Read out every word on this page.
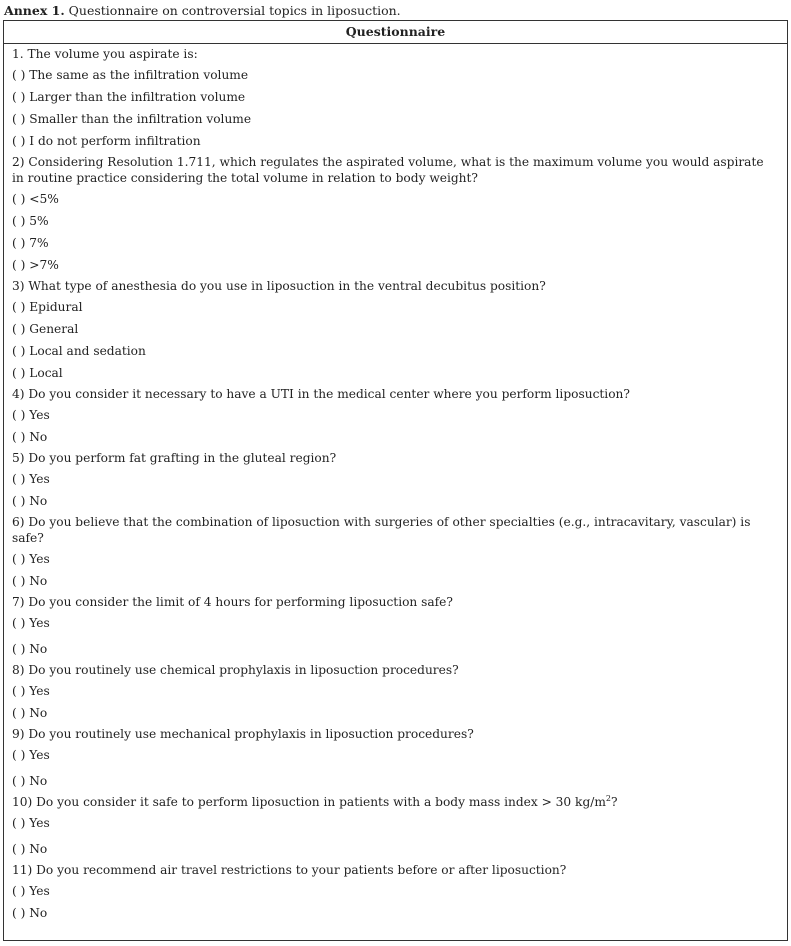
Annex 1. Questionnaire on controversial topics in liposuction.
Questionnaire

1. The volume you aspirate is:

( ) The same as the infiltration volume

( ) Larger than the infiltration volume

( ) Smaller than the infiltration volume

( ) I do not perform infiltration

2) Considering Resolution 1.711, which regulates the aspirated volume, what is the maximum volume you would aspirate in routine practice considering the total volume in relation to body weight?

( ) <5%

( ) 5%

( ) 7%

( ) >7%

3) What type of anesthesia do you use in liposuction in the ventral decubitus position?

( ) Epidural

( ) General

( ) Local and sedation

( ) Local

4) Do you consider it necessary to have a UTI in the medical center where you perform liposuction?

( ) Yes

( ) No

5) Do you perform fat grafting in the gluteal region?

( ) Yes

( ) No

6) Do you believe that the combination of liposuction with surgeries of other specialties (e.g., intracavitary, vascular) is safe?

( ) Yes

( ) No

7) Do you consider the limit of 4 hours for performing liposuction safe?

( ) Yes

( ) No

8) Do you routinely use chemical prophylaxis in liposuction procedures?

( ) Yes

( ) No

9) Do you routinely use mechanical prophylaxis in liposuction procedures?

( ) Yes

( ) No

10) Do you consider it safe to perform liposuction in patients with a body mass index > 30 $kg/m^2$?

( ) Yes

( ) No

11) Do you recommend air travel restrictions to your patients before or after liposuction?

( ) Yes

( ) No
